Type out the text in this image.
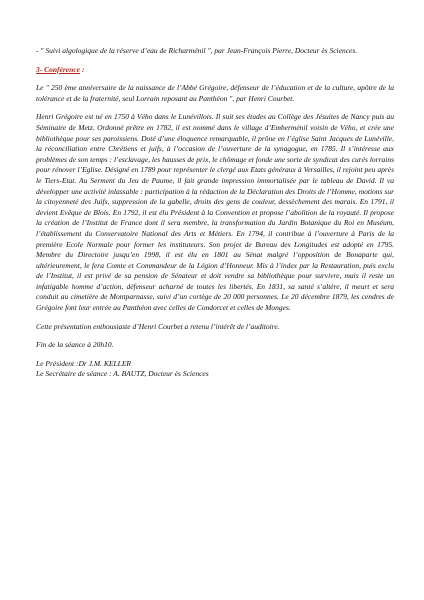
- " Suivi algologique de la réserve d’eau de Richarménil ", par Jean-François Pierre, Docteur ès Sciences.

3- Conférence :

Le " 250 ème anniversaire de la naissance de l’Abbé Grégoire, défenseur de l’éducation et de la culture, apôtre de la tolérance et de la fraternité, seul Lorrain reposant au Panthéon ", par Henri Courbet.

Henri Grégoire est né en 1750 à Vého dans le Lunévillois. Il suit ses études au Collège des Jésuites de Nancy puis au Séminaire de Metz. Ordonné prêtre en 1782, il est nommé dans le village d’Emberménil voisin de Vého, et crée une bibliothèque pour ses paroissiens. Doté d’une éloquence remarquable, il prône en l’église Saint Jacques de Lunéville, la réconciliation entre Chrétiens et juifs, à l’occasion de l’ouverture de la synagogue, en 1785. Il s’intéresse aux problèmes de son temps : l’esclavage, les hausses de prix, le chômage et fonde une sorte de syndicat des curés lorrains pour rénover l’Eglise. Désigné en 1789 pour représenter le clergé aux Etats généraux à Versailles, il rejoint peu après le Tiers-Etat. Au Serment du Jeu de Paume, il fait grande impression immortalisée par le tableau de David. Il va développer une activité inlassable : participation à la rédaction de la Déclaration des Droits de l’Homme, motions sur la citoyenneté des Juifs, suppression de la gabelle, droits des gens de couleur, dessèchement des marais. En 1791, il devient Evêque de Blois. En 1792, il est élu Président à la Convention et propose l’abolition de la royauté. Il propose la création de l’Institut de France dont il sera membre, la transformation du Jardin Botanique du Roi en Muséum, l’établissement du Conservatoire National des Arts et Métiers. En 1794, il contribue à l’ouverture à Paris de la première Ecole Normale pour former les instituteurs. Son projet de Bureau des Longitudes est adopté en 1795. Membre du Directoire jusqu’en 1998, il est élu en 1801 au Sénat malgré l’opposition de Bonaparte qui, ultérieurement, le fera Comte et Commandeur de la Légion d’Honneur. Mis à l’index par la Restauration, puis exclu de l’Institut, il est privé de sa pension de Sénateur et doit vendre sa bibliothèque pour survivre, mais il reste un infatigable homme d’action, défenseur acharné de toutes les libertés. En 1831, sa santé s’altère, il meurt et sera conduit au cimetière de Montparnasse, suivi d’un cortège de 20 000 personnes. Le 20 décembre 1879, les cendres de Grégoire font leur entrée au Panthéon avec celles de Condorcet et celles de Monges.

Cette présentation enthousiaste d’Henri Courbet a retenu l’intérêt de l’auditoire.

Fin de la séance à 20h10.

Le Président :Dr J.M. KELLER

Le Secrétaire de séance : A. BAUTZ, Docteur ès Sciences
